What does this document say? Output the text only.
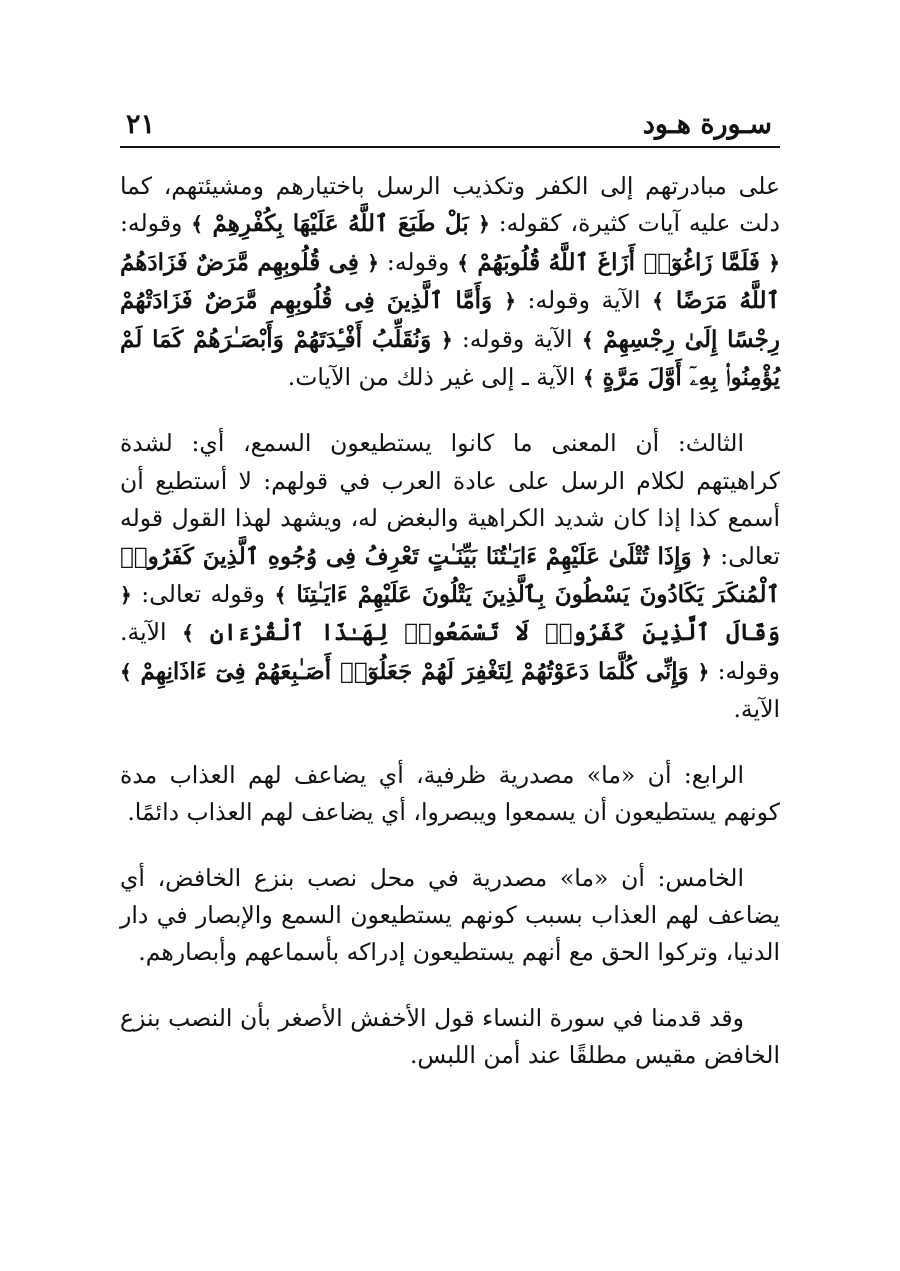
سـورة هـود
٢١

على مبادرتهم إلى الكفر وتكذيب الرسل باختيارهم ومشيئتهم، كما دلت عليه آيات كثيرة، كقوله: ﴿ بَلْ طَبَعَ ٱللَّهُ عَلَيْهَا بِكُفْرِهِمْ ﴾ وقوله: ﴿ فَلَمَّا زَاغُوٓا۟ أَزَاغَ ٱللَّهُ قُلُوبَهُمْ ﴾ وقوله: ﴿ فِى قُلُوبِهِم مَّرَضٌ فَزَادَهُمُ ٱللَّهُ مَرَضًا ﴾ الآية وقوله: ﴿ وَأَمَّا ٱلَّذِينَ فِى قُلُوبِهِم مَّرَضٌ فَزَادَتْهُمْ رِجْسًا إِلَىٰ رِجْسِهِمْ ﴾ الآية وقوله: ﴿ وَنُقَلِّبُ أَفْـِٔدَتَهُمْ وَأَبْصَـٰرَهُمْ كَمَا لَمْ يُؤْمِنُوا۟ بِهِۦٓ أَوَّلَ مَرَّةٍ ﴾ الآية ـ إلى غير ذلك من الآيات.

الثالث: أن المعنى ما كانوا يستطيعون السمع، أي: لشدة كراهيتهم لكلام الرسل على عادة العرب في قولهم: لا أستطيع أن أسمع كذا إذا كان شديد الكراهية والبغض له، ويشهد لهذا القول قوله تعالى: ﴿ وَإِذَا تُتْلَىٰ عَلَيْهِمْ ءَايَـٰتُنَا بَيِّنَـٰتٍ تَعْرِفُ فِى وُجُوهِ ٱلَّذِينَ كَفَرُوا۟ ٱلْمُنكَرَ يَكَادُونَ يَسْطُونَ بِٱلَّذِينَ يَتْلُونَ عَلَيْهِمْ ءَايَـٰتِنَا ﴾ وقوله تعالى: ﴿ وَقَالَ ٱلَّذِينَ كَفَرُوا۟ لَا تَسْمَعُوا۟ لِهَـٰذَا ٱلْقُرْءَانِ ﴾ الآية. وقوله: ﴿ وَإِنِّى كُلَّمَا دَعَوْتُهُمْ لِتَغْفِرَ لَهُمْ جَعَلُوٓا۟ أَصَـٰبِعَهُمْ فِىٓ ءَاذَانِهِمْ ﴾ الآية.

الرابع: أن «ما» مصدرية ظرفية، أي يضاعف لهم العذاب مدة كونهم يستطيعون أن يسمعوا ويبصروا، أي يضاعف لهم العذاب دائمًا.

الخامس: أن «ما» مصدرية في محل نصب بنزع الخافض، أي يضاعف لهم العذاب بسبب كونهم يستطيعون السمع والإبصار في دار الدنيا، وتركوا الحق مع أنهم يستطيعون إدراكه بأسماعهم وأبصارهم.

وقد قدمنا في سورة النساء قول الأخفش الأصغر بأن النصب بنزع الخافض مقيس مطلقًا عند أمن اللبس.
